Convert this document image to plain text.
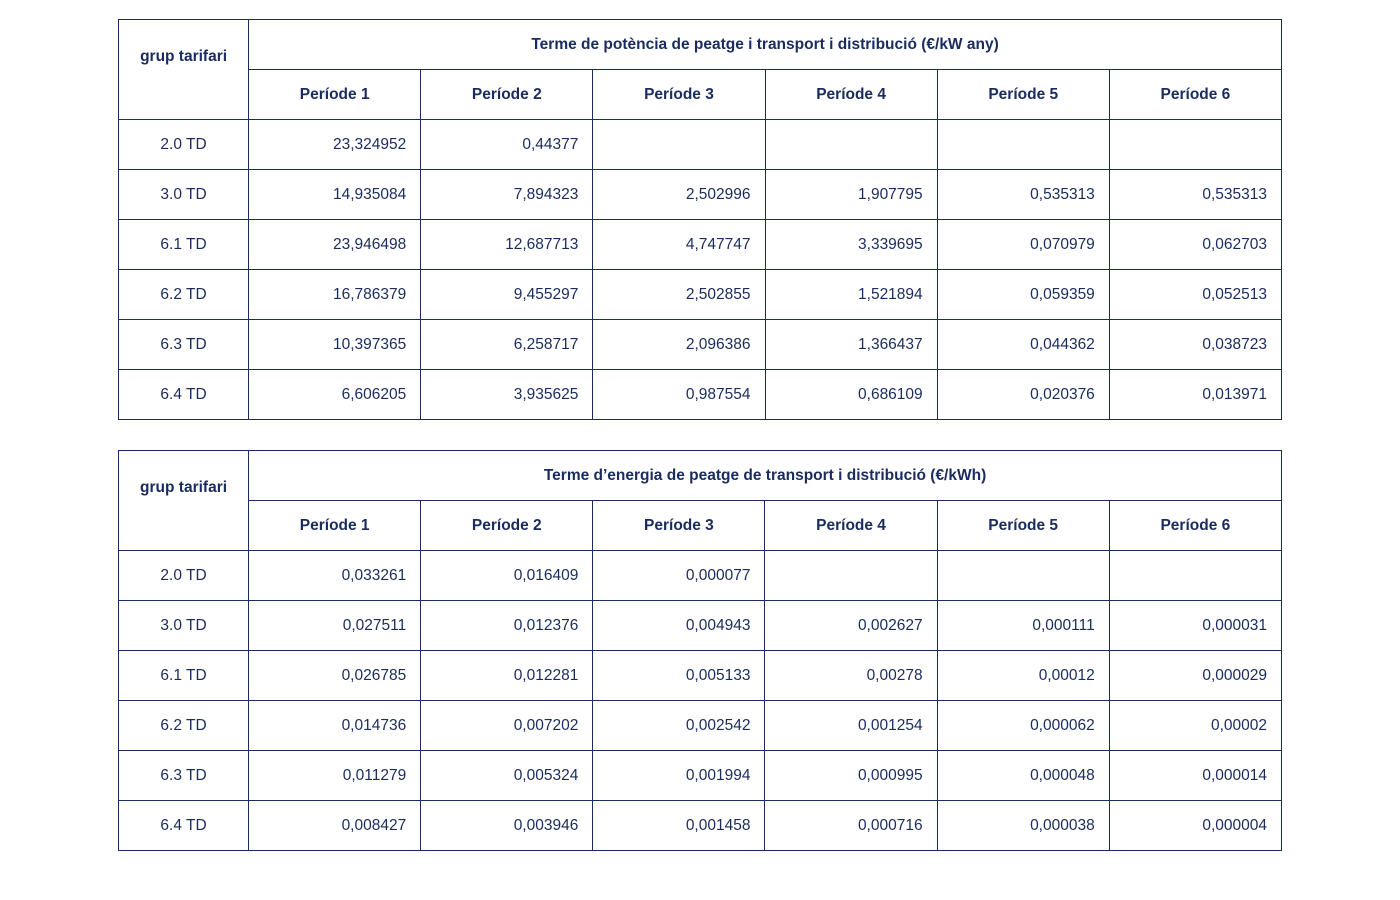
grup tarifari	Terme de potència de peatge i transport i distribució (€/kW any)					
	Període 1	Període 2	Període 3	Període 4	Període 5	Període 6
2.0 TD	23,324952	0,44377				
3.0 TD	14,935084	7,894323	2,502996	1,907795	0,535313	0,535313
6.1 TD	23,946498	12,687713	4,747747	3,339695	0,070979	0,062703
6.2 TD	16,786379	9,455297	2,502855	1,521894	0,059359	0,052513
6.3 TD	10,397365	6,258717	2,096386	1,366437	0,044362	0,038723
6.4 TD	6,606205	3,935625	0,987554	0,686109	0,020376	0,013971
grup tarifari	Terme d’energia de peatge de transport i distribució (€/kWh)					
	Període 1	Període 2	Període 3	Període 4	Període 5	Període 6
2.0 TD	0,033261	0,016409	0,000077			
3.0 TD	0,027511	0,012376	0,004943	0,002627	0,000111	0,000031
6.1 TD	0,026785	0,012281	0,005133	0,00278	0,00012	0,000029
6.2 TD	0,014736	0,007202	0,002542	0,001254	0,000062	0,00002
6.3 TD	0,011279	0,005324	0,001994	0,000995	0,000048	0,000014
6.4 TD	0,008427	0,003946	0,001458	0,000716	0,000038	0,000004
